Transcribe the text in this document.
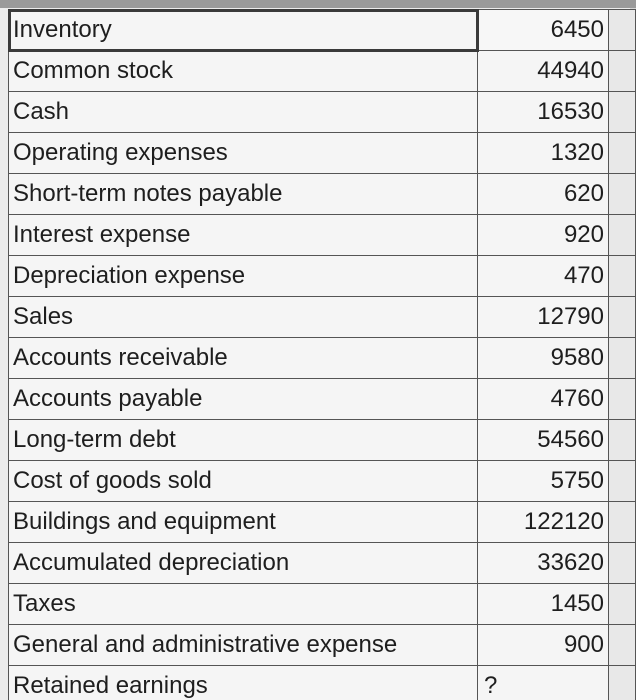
Inventory	6450	
Common stock	44940	
Cash	16530	
Operating expenses	1320	
Short-term notes payable	620	
Interest expense	920	
Depreciation expense	470	
Sales	12790	
Accounts receivable	9580	
Accounts payable	4760	
Long-term debt	54560	
Cost of goods sold	5750	
Buildings and equipment	122120	
Accumulated depreciation	33620	
Taxes	1450	
General and administrative expense	900	
Retained earnings	?	
